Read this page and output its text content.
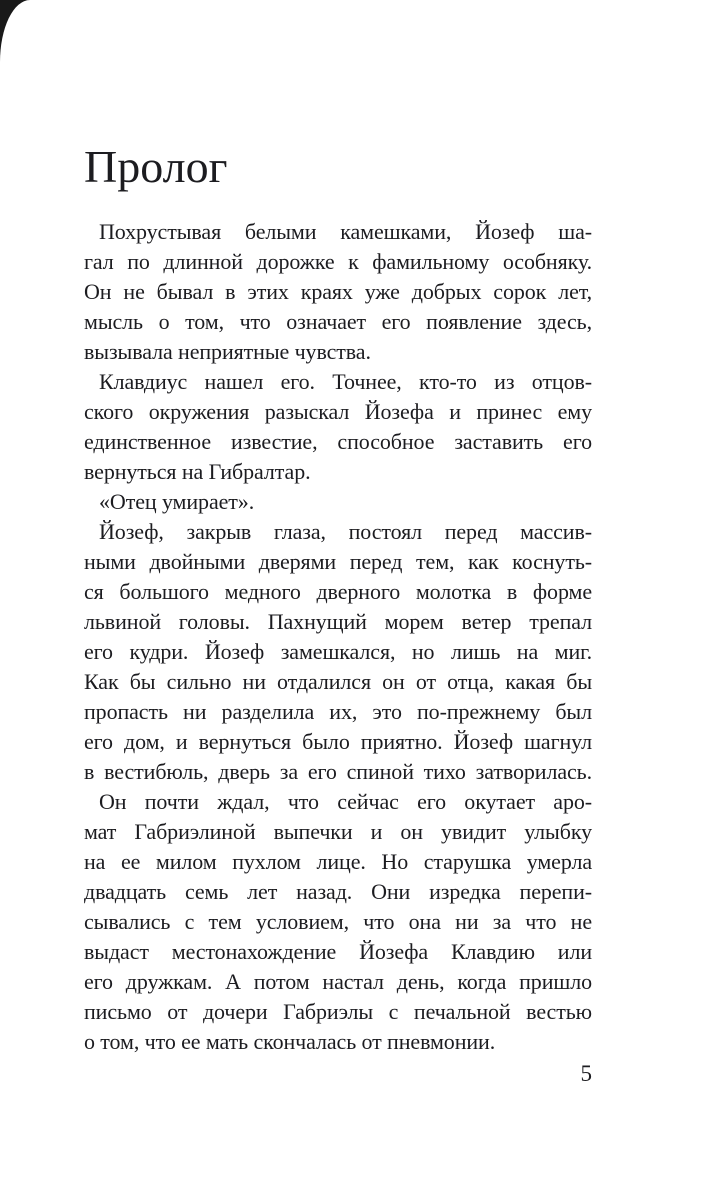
Пролог
Похрустывая белыми камешками, Йозеф ша-
гал по длинной дорожке к фамильному особняку.
Он не бывал в этих краях уже добрых сорок лет,
мысль о том, что означает его появление здесь,
вызывала неприятные чувства.
Клавдиус нашел его. Точнее, кто-то из отцов-
ского окружения разыскал Йозефа и принес ему
единственное известие, способное заставить его
вернуться на Гибралтар.
«Отец умирает».
Йозеф, закрыв глаза, постоял перед массив-
ными двойными дверями перед тем, как коснуть-
ся большого медного дверного молотка в форме
львиной головы. Пахнущий морем ветер трепал
его кудри. Йозеф замешкался, но лишь на миг.
Как бы сильно ни отдалился он от отца, какая бы
пропасть ни разделила их, это по-прежнему был
его дом, и вернуться было приятно. Йозеф шагнул
в вестибюль, дверь за его спиной тихо затворилась.
Он почти ждал, что сейчас его окутает аро-
мат Габриэлиной выпечки и он увидит улыбку
на ее милом пухлом лице. Но старушка умерла
двадцать семь лет назад. Они изредка перепи-
сывались с тем условием, что она ни за что не
выдаст местонахождение Йозефа Клавдию или
его дружкам. А потом настал день, когда пришло
письмо от дочери Габриэлы с печальной вестью
о том, что ее мать скончалась от пневмонии.
5
